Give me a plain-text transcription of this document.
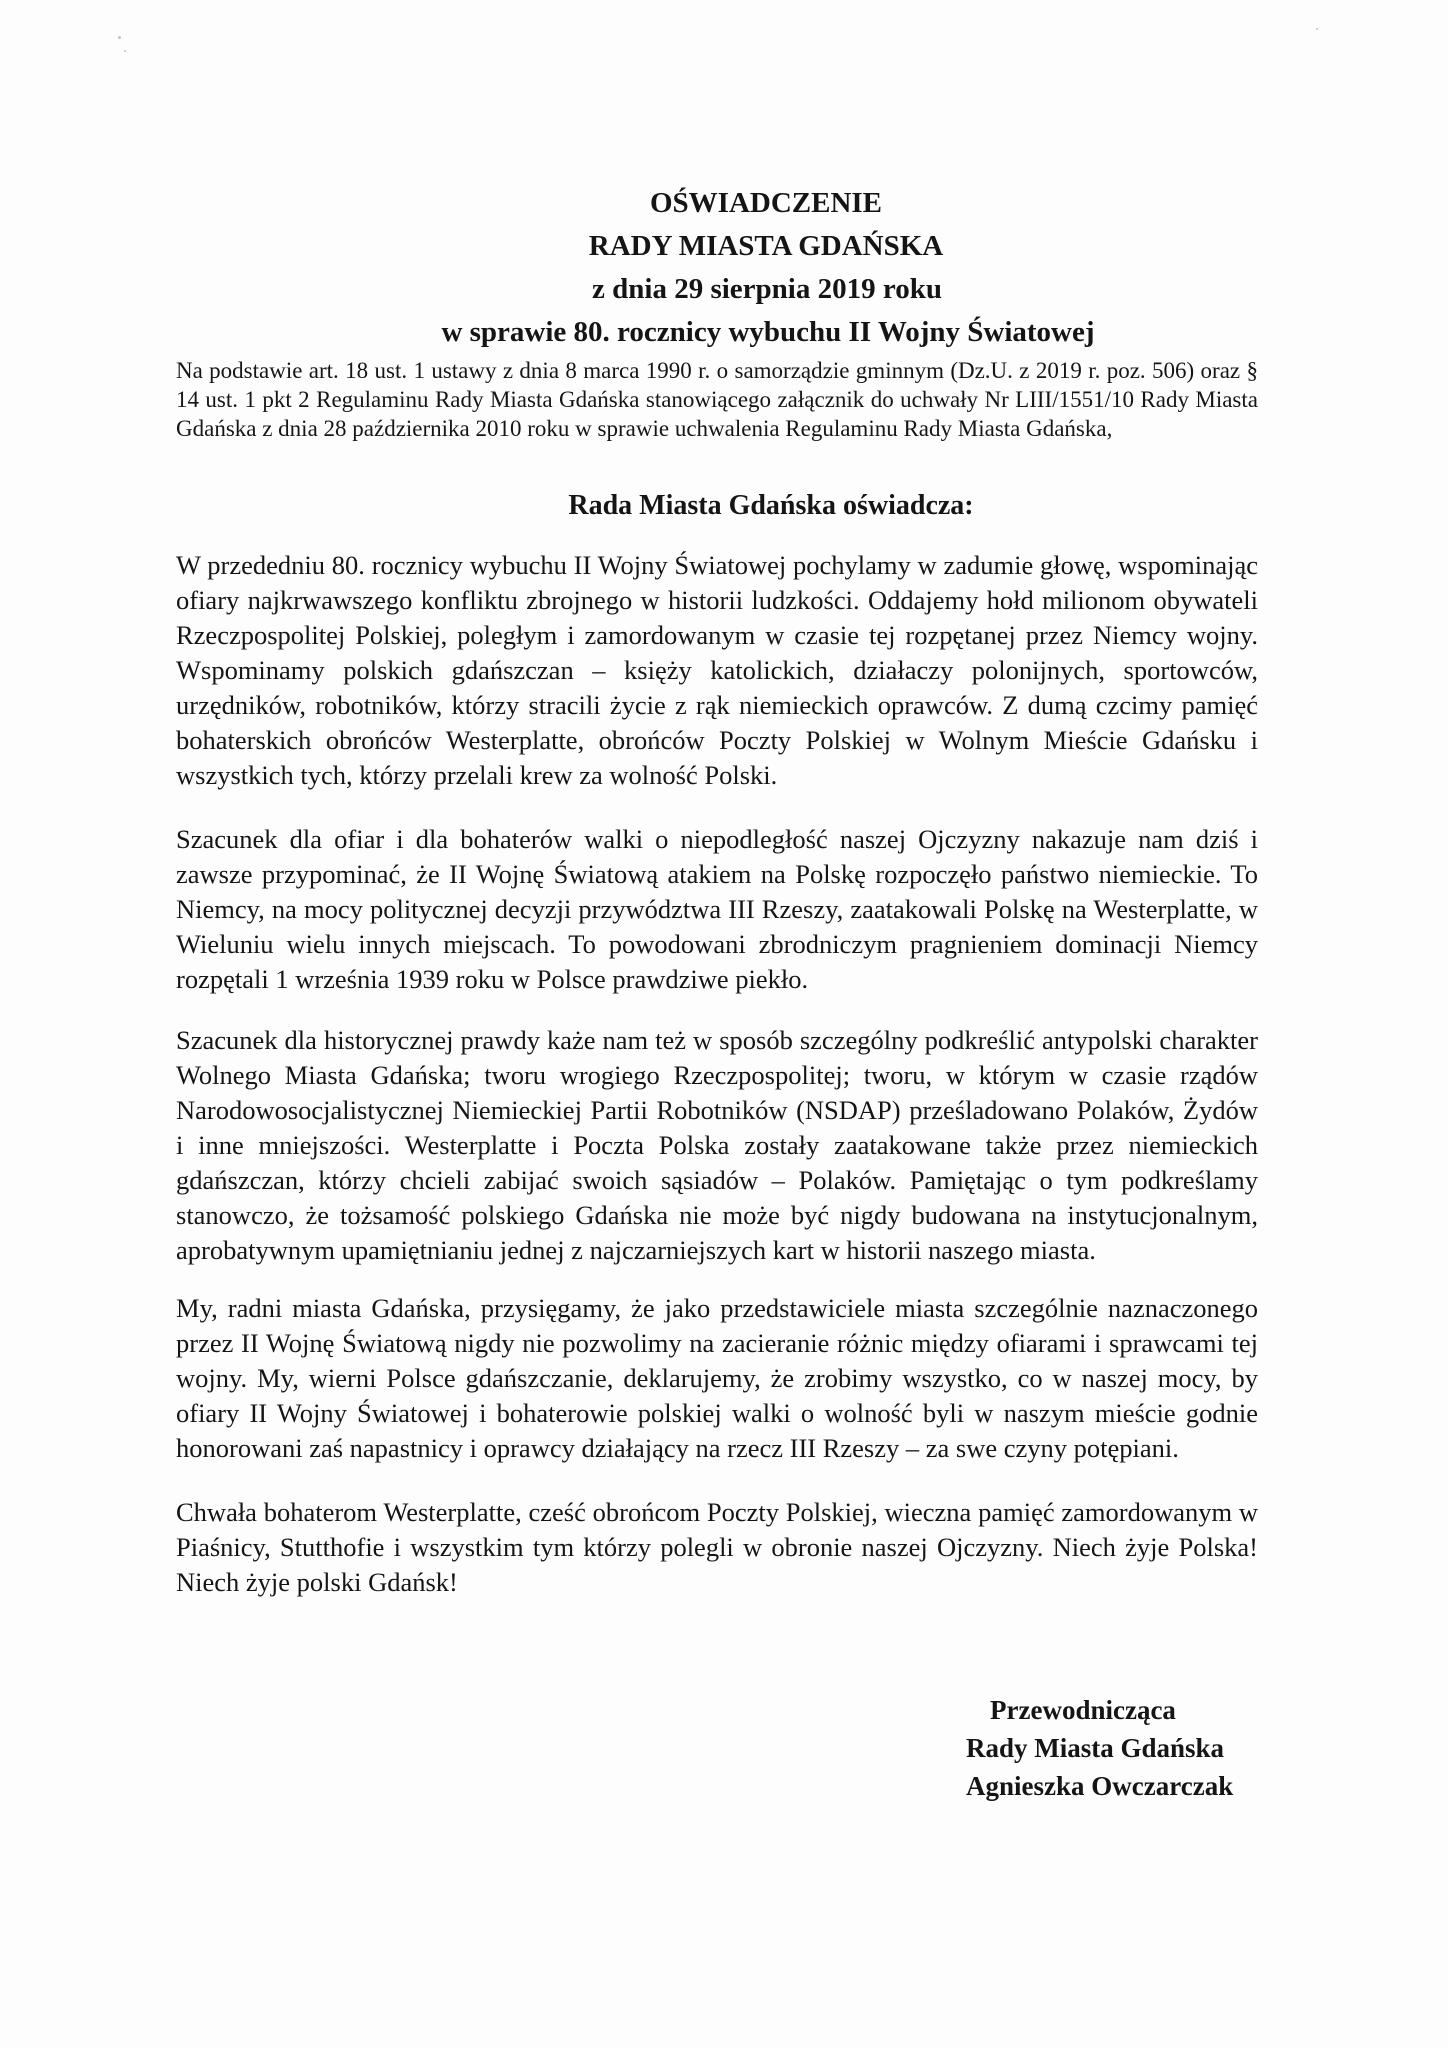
OŚWIADCZENIE
RADY MIASTA GDAŃSKA
z dnia 29 sierpnia 2019 roku
w sprawie 80. rocznicy wybuchu II Wojny Światowej
Na podstawie art. 18 ust. 1 ustawy z dnia 8 marca 1990 r. o samorządzie gminnym (Dz.U. z 2019 r. poz. 506) oraz § 14 ust. 1 pkt 2 Regulaminu Rady Miasta Gdańska stanowiącego załącznik do uchwały Nr LIII/1551/10 Rady Miasta Gdańska z dnia 28 października 2010 roku w sprawie uchwalenia Regulaminu Rady Miasta Gdańska,
Rada Miasta Gdańska oświadcza:
W przededniu 80. rocznicy wybuchu II Wojny Światowej pochylamy w zadumie głowę, wspominając ofiary najkrwawszego konfliktu zbrojnego w historii ludzkości. Oddajemy hołd milionom obywateli Rzeczpospolitej Polskiej, poległym i zamordowanym w czasie tej rozpętanej przez Niemcy wojny. Wspominamy polskich gdańszczan – księży katolickich, działaczy polonijnych, sportowców, urzędników, robotników, którzy stracili życie z rąk niemieckich oprawców. Z dumą czcimy pamięć bohaterskich obrońców Westerplatte, obrońców Poczty Polskiej w Wolnym Mieście Gdańsku i wszystkich tych, którzy przelali krew za wolność Polski.
Szacunek dla ofiar i dla bohaterów walki o niepodległość naszej Ojczyzny nakazuje nam dziś i zawsze przypominać, że II Wojnę Światową atakiem na Polskę rozpoczęło państwo niemieckie. To Niemcy, na mocy politycznej decyzji przywództwa III Rzeszy, zaatakowali Polskę na Westerplatte, w Wieluniu wielu innych miejscach. To powodowani zbrodniczym pragnieniem dominacji Niemcy rozpętali 1 września 1939 roku w Polsce prawdziwe piekło.
Szacunek dla historycznej prawdy każe nam też w sposób szczególny podkreślić antypolski charakter Wolnego Miasta Gdańska; tworu wrogiego Rzeczpospolitej; tworu, w którym w czasie rządów Narodowosocjalistycznej Niemieckiej Partii Robotników (NSDAP) prześladowano Polaków, Żydów i inne mniejszości. Westerplatte i Poczta Polska zostały zaatakowane także przez niemieckich gdańszczan, którzy chcieli zabijać swoich sąsiadów – Polaków. Pamiętając o tym podkreślamy stanowczo, że tożsamość polskiego Gdańska nie może być nigdy budowana na instytucjonalnym, aprobatywnym upamiętnianiu jednej z najczarniejszych kart w historii naszego miasta.
My, radni miasta Gdańska, przysięgamy, że jako przedstawiciele miasta szczególnie naznaczonego przez II Wojnę Światową nigdy nie pozwolimy na zacieranie różnic między ofiarami i sprawcami tej wojny. My, wierni Polsce gdańszczanie, deklarujemy, że zrobimy wszystko, co w naszej mocy, by ofiary II Wojny Światowej i bohaterowie polskiej walki o wolność byli w naszym mieście godnie honorowani zaś napastnicy i oprawcy działający na rzecz III Rzeszy – za swe czyny potępiani.
Chwała bohaterom Westerplatte, cześć obrońcom Poczty Polskiej, wieczna pamięć zamordowanym w Piaśnicy, Stutthofie i wszystkim tym którzy polegli w obronie naszej Ojczyzny. Niech żyje Polska! Niech żyje polski Gdańsk!
Przewodnicząca
Rady Miasta Gdańska
Agnieszka Owczarczak
